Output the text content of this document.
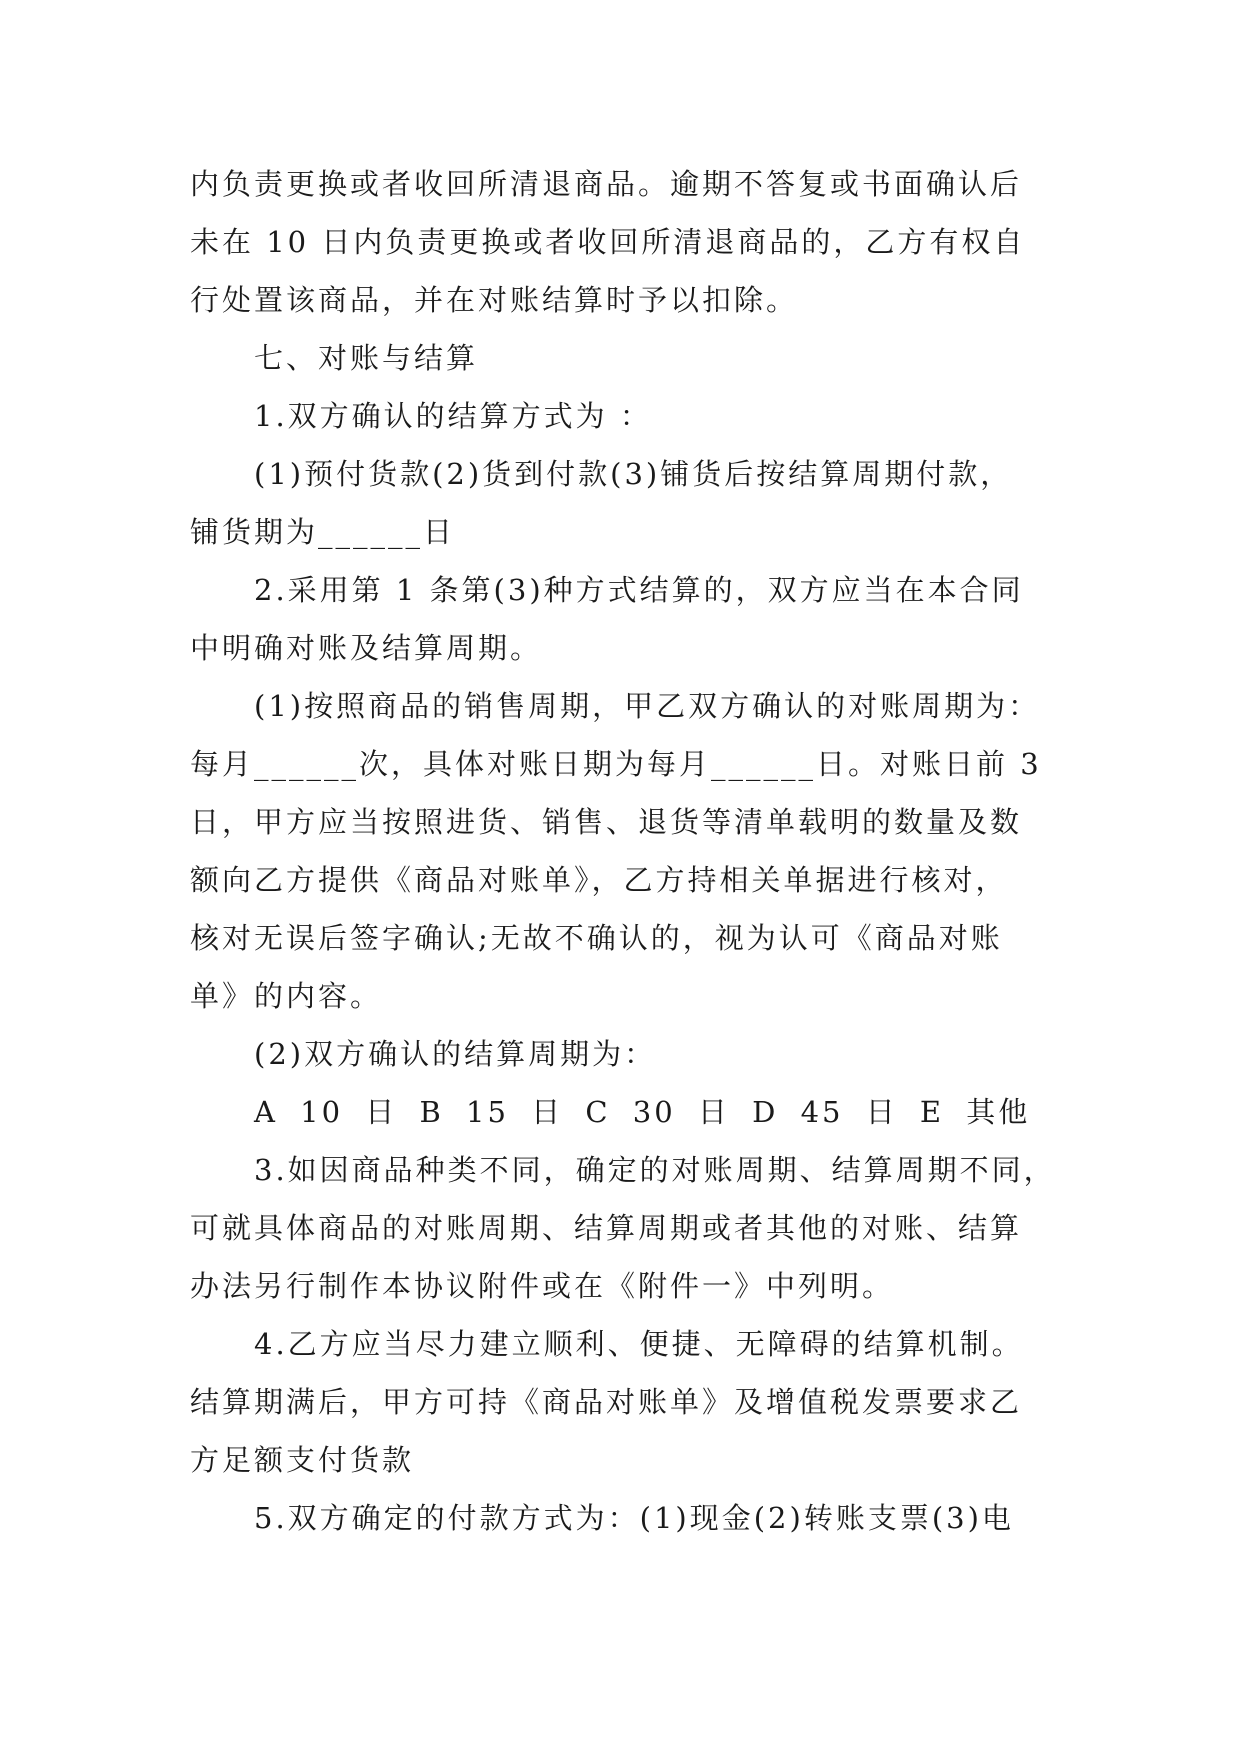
内负责更换或者收回所清退商品。逾期不答复或书面确认后
未在 10 日内负责更换或者收回所清退商品的，乙方有权自
行处置该商品，并在对账结算时予以扣除。
七、对账与结算
1.双方确认的结算方式为 ：
(1)预付货款(2)货到付款(3)铺货后按结算周期付款，
铺货期为______日
2.采用第 1 条第(3)种方式结算的，双方应当在本合同
中明确对账及结算周期。
(1)按照商品的销售周期，甲乙双方确认的对账周期为：
每月______次，具体对账日期为每月______日。对账日前 3
日，甲方应当按照进货、销售、退货等清单载明的数量及数
额向乙方提供《商品对账单》，乙方持相关单据进行核对，
核对无误后签字确认;无故不确认的，视为认可《商品对账
单》的内容。
(2)双方确认的结算周期为：
A 10 日 B 15 日 C 30 日 D 45 日 E 其他
3.如因商品种类不同，确定的对账周期、结算周期不同，
可就具体商品的对账周期、结算周期或者其他的对账、结算
办法另行制作本协议附件或在《附件一》中列明。
4.乙方应当尽力建立顺利、便捷、无障碍的结算机制。
结算期满后，甲方可持《商品对账单》及增值税发票要求乙
方足额支付货款
5.双方确定的付款方式为：(1)现金(2)转账支票(3)电
